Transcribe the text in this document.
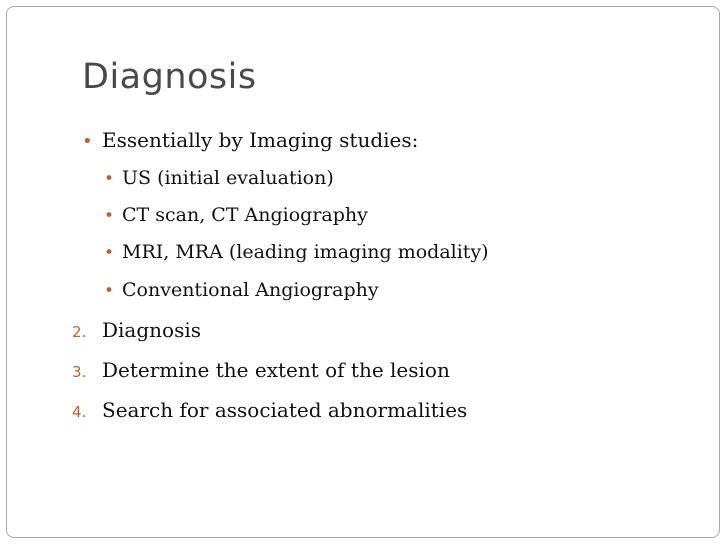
Diagnosis
• Essentially by Imaging studies:
• US (initial evaluation)
• CT scan, CT Angiography
• MRI, MRA (leading imaging modality)
• Conventional Angiography
2. Diagnosis
3. Determine the extent of the lesion
4. Search for associated abnormalities
